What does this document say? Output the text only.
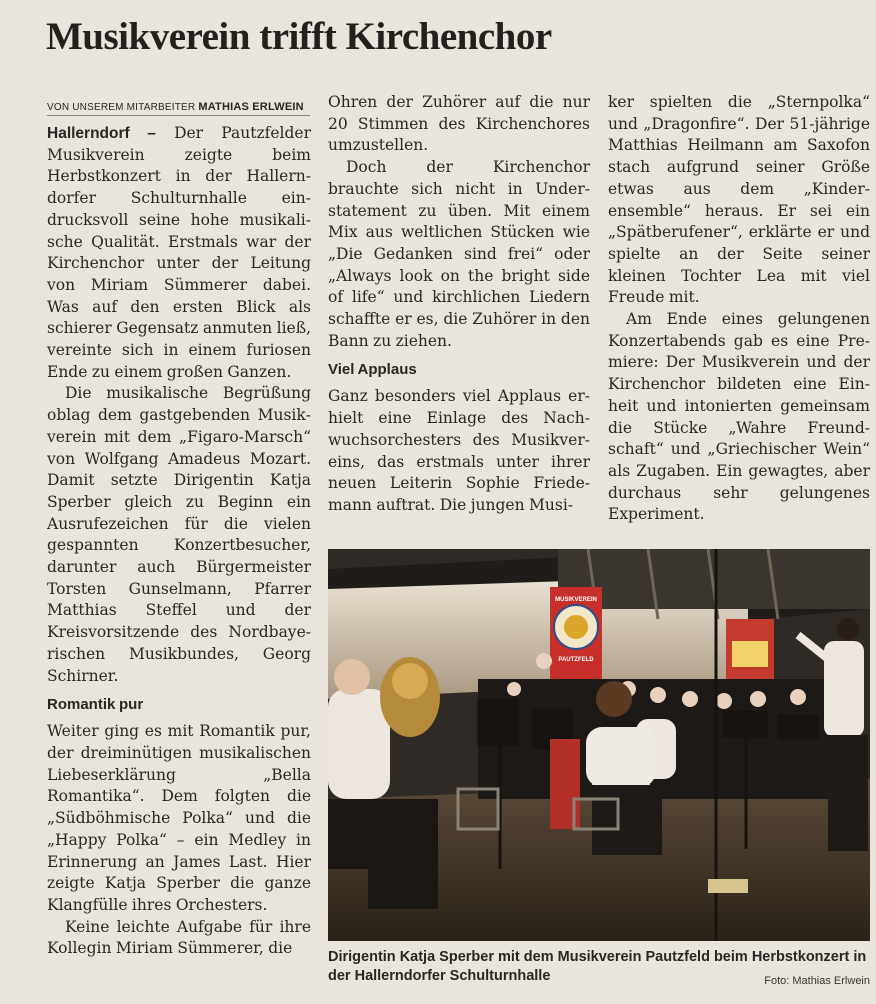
Musikverein trifft Kirchenchor
VON UNSEREM MITARBEITER MATHIAS ERLWEIN

Hallerndorf – Der Pautzfelder Musikverein zeigte beim Herbstkonzert in der Hallerndorfer Schulturnhalle eindrucksvoll seine hohe musikalische Qualität. Erstmals war der Kirchenchor unter der Leitung von Miriam Sümmerer dabei. Was auf den ersten Blick als schierer Gegensatz anmuten ließ, vereinte sich in einem furiosen Ende zu einem großen Ganzen.

Die musikalische Begrüßung oblag dem gastgebenden Musikverein mit dem „Figaro-Marsch“ von Wolfgang Amadeus Mozart. Damit setzte Dirigentin Katja Sperber gleich zu Beginn ein Ausrufezeichen für die vielen gespannten Konzertbesucher, darunter auch Bürgermeister Torsten Gunselmann, Pfarrer Matthias Steffel und der Kreisvorsitzende des Nordbayerischen Musikbundes, Georg Schirner.

Romantik pur

Weiter ging es mit Romantik pur, der dreiminütigen musikalischen Liebeserklärung „Bella Romantika“. Dem folgten die „Südböhmische Polka“ und die „Happy Polka“ – ein Medley in Erinnerung an James Last. Hier zeigte Katja Sperber die ganze Klangfülle ihres Orchesters.

Keine leichte Aufgabe für ihre Kollegin Miriam Sümmerer, die

Ohren der Zuhörer auf die nur 20 Stimmen des Kirchenchores umzustellen.

Doch der Kirchenchor brauchte sich nicht in Understatement zu üben. Mit einem Mix aus weltlichen Stücken wie „Die Gedanken sind frei“ oder „Always look on the bright side of life“ und kirchlichen Liedern schaffte er es, die Zuhörer in den Bann zu ziehen.

Viel Applaus

Ganz besonders viel Applaus erhielt eine Einlage des Nachwuchsorchesters des Musikvereins, das erstmals unter ihrer neuen Leiterin Sophie Friedemann auftrat. Die jungen Musi-

ker spielten die „Sternpolka“ und „Dragonfire“. Der 51-jährige Matthias Heilmann am Saxofon stach aufgrund seiner Größe etwas aus dem „Kinderensemble“ heraus. Er sei ein „Spätberufener“, erklärte er und spielte an der Seite seiner kleinen Tochter Lea mit viel Freude mit.

Am Ende eines gelungenen Konzertabends gab es eine Premiere: Der Musikverein und der Kirchenchor bildeten eine Einheit und intonierten gemeinsam die Stücke „Wahre Freundschaft“ und „Griechischer Wein“ als Zugaben. Ein gewagtes, aber durchaus sehr gelungenes Experiment.

MUSIKVEREIN
PAUTZFELD
Dirigentin Katja Sperber mit dem Musikverein Pautzfeld beim Herbstkonzert in der Hallerndorfer Schulturnhalle	Foto: Mathias Erlwein
